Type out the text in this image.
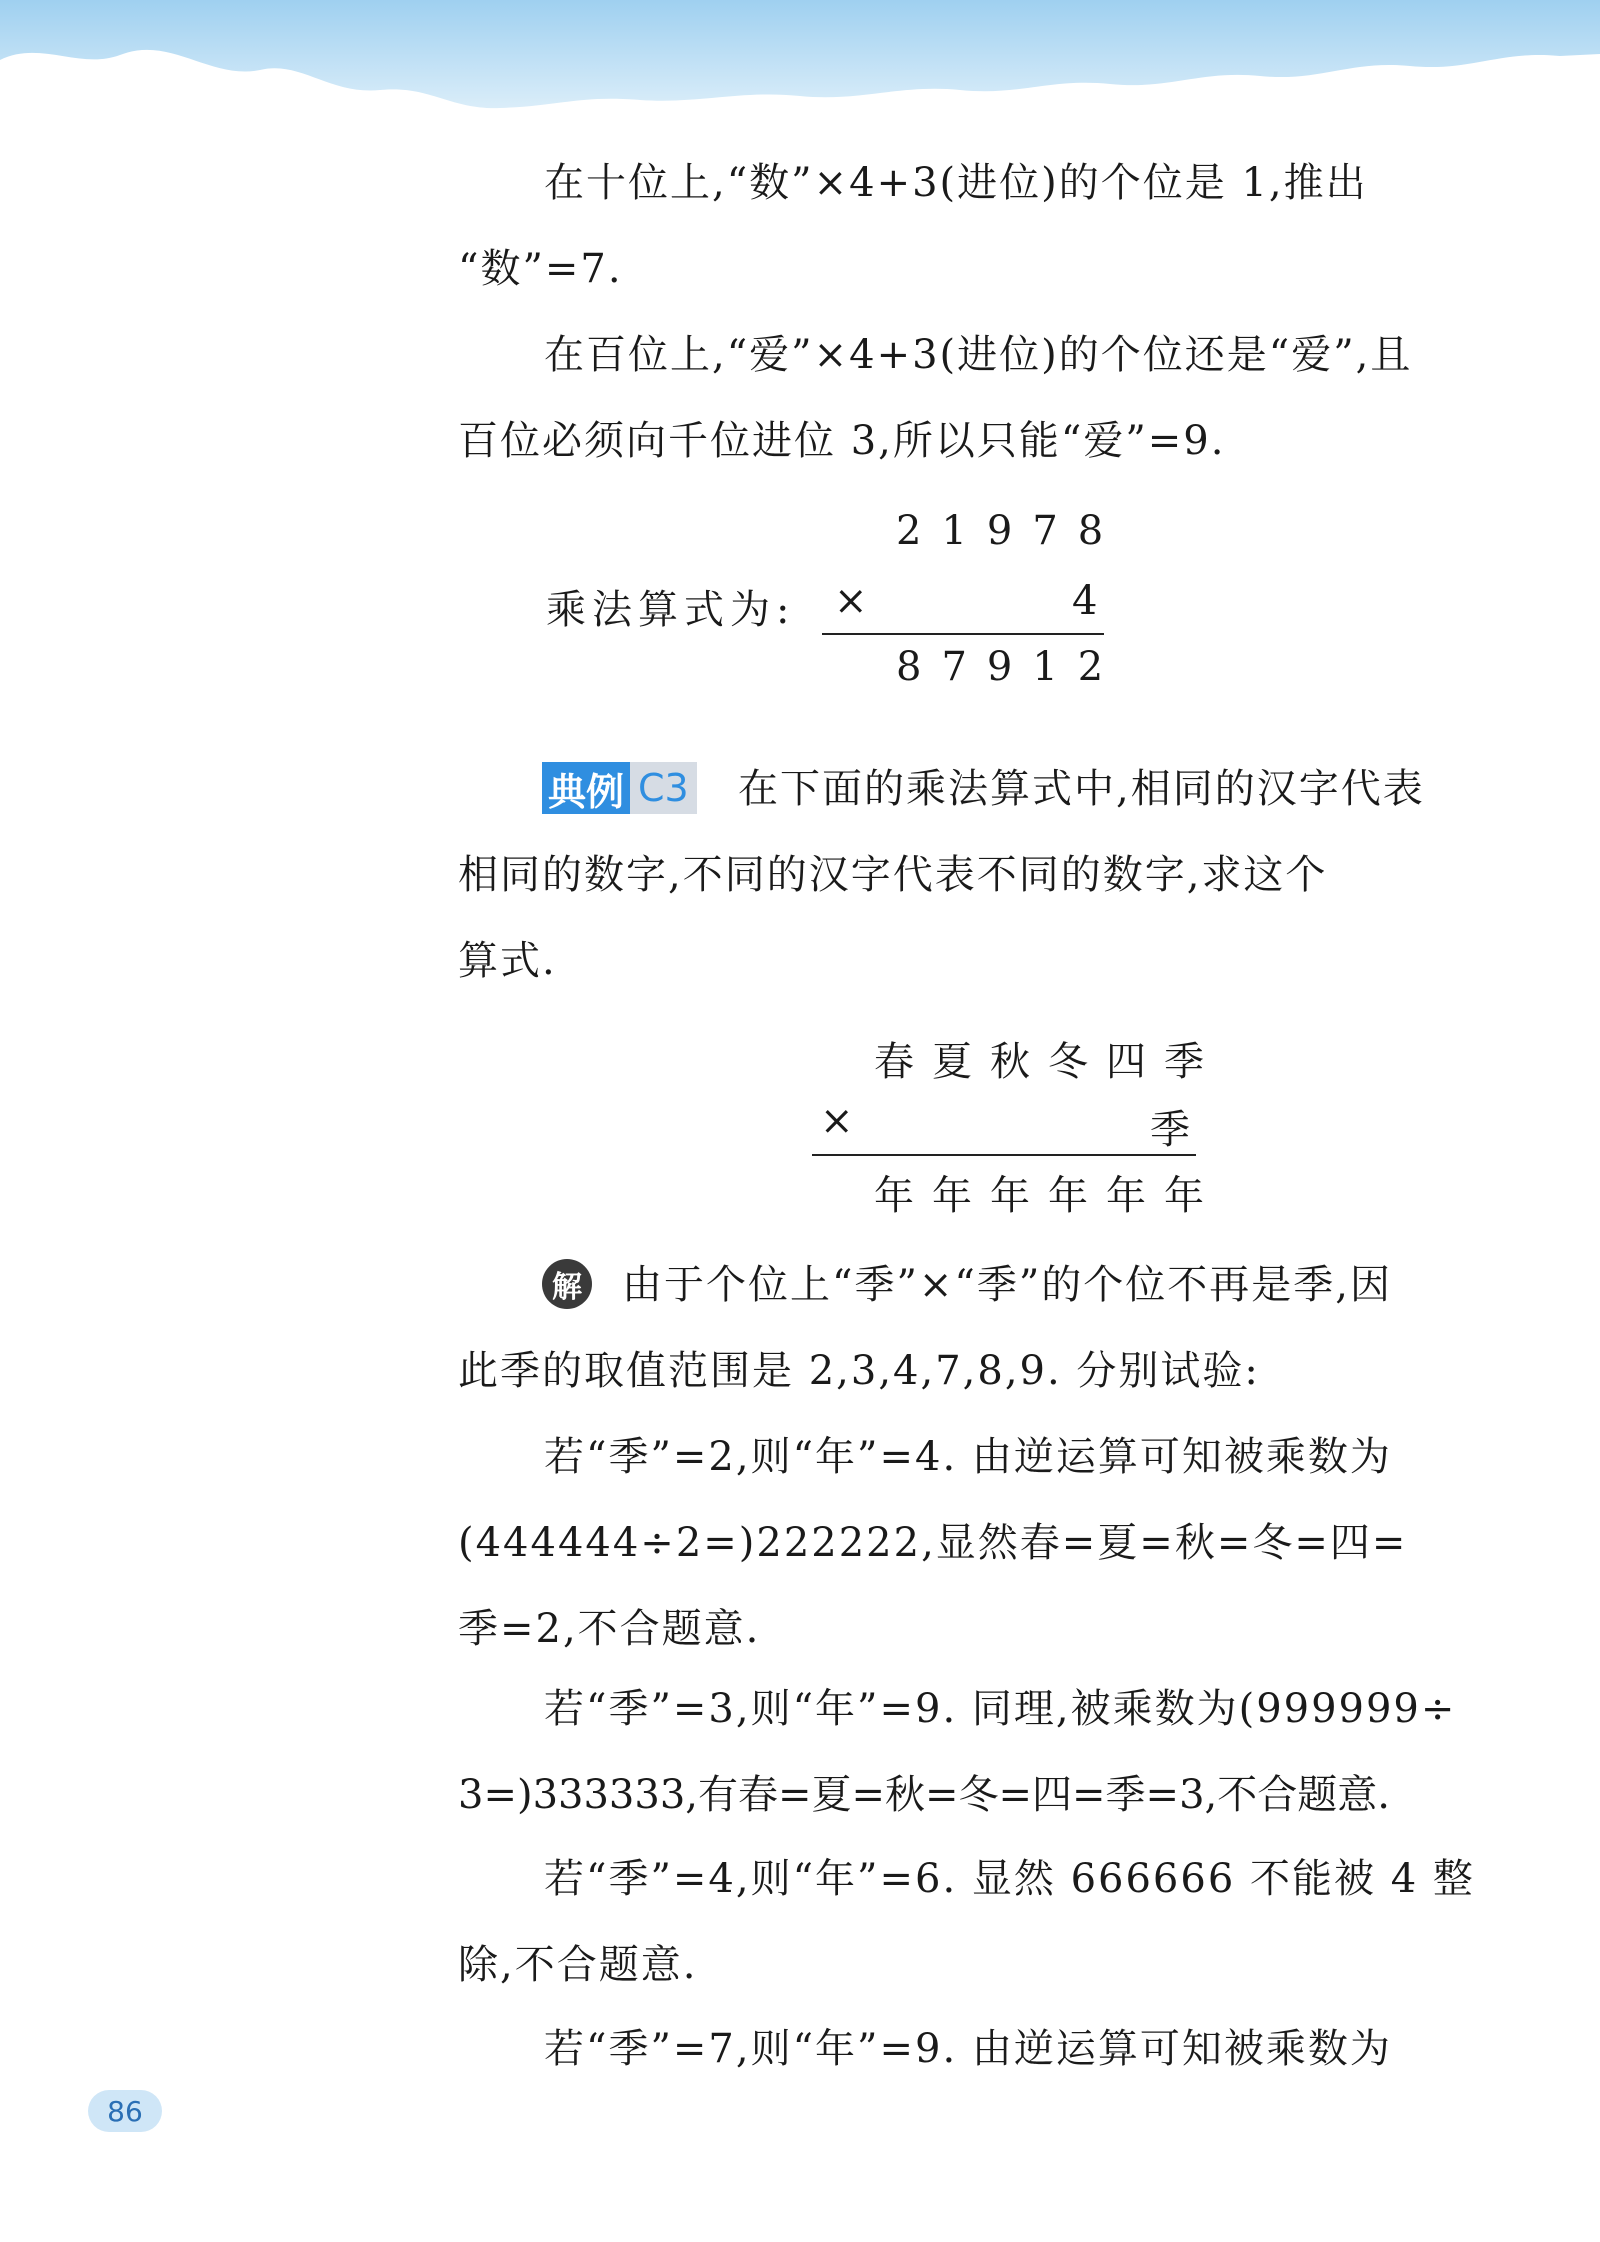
在十位上,“数”×4+3(进位)的个位是 1,推出
“数”=7.
在百位上,“爱”×4+3(进位)的个位还是“爱”,且
百位必须向千位进位 3,所以只能“爱”=9.
乘法算式为:
21978
×	4
87912
典例 C3	在下面的乘法算式中,相同的汉字代表
相同的数字,不同的汉字代表不同的数字,求这个
算式.
春夏秋冬四季
×	季
年年年年年年
解	由于个位上“季”×“季”的个位不再是季,因
此季的取值范围是 2,3,4,7,8,9. 分别试验:
若“季”=2,则“年”=4. 由逆运算可知被乘数为
(444444÷2=)222222,显然春=夏=秋=冬=四=
季=2,不合题意.
若“季”=3,则“年”=9. 同理,被乘数为(999999÷
3=)333333,有春=夏=秋=冬=四=季=3,不合题意.
若“季”=4,则“年”=6. 显然 666666 不能被 4 整
除,不合题意.
若“季”=7,则“年”=9. 由逆运算可知被乘数为
86
